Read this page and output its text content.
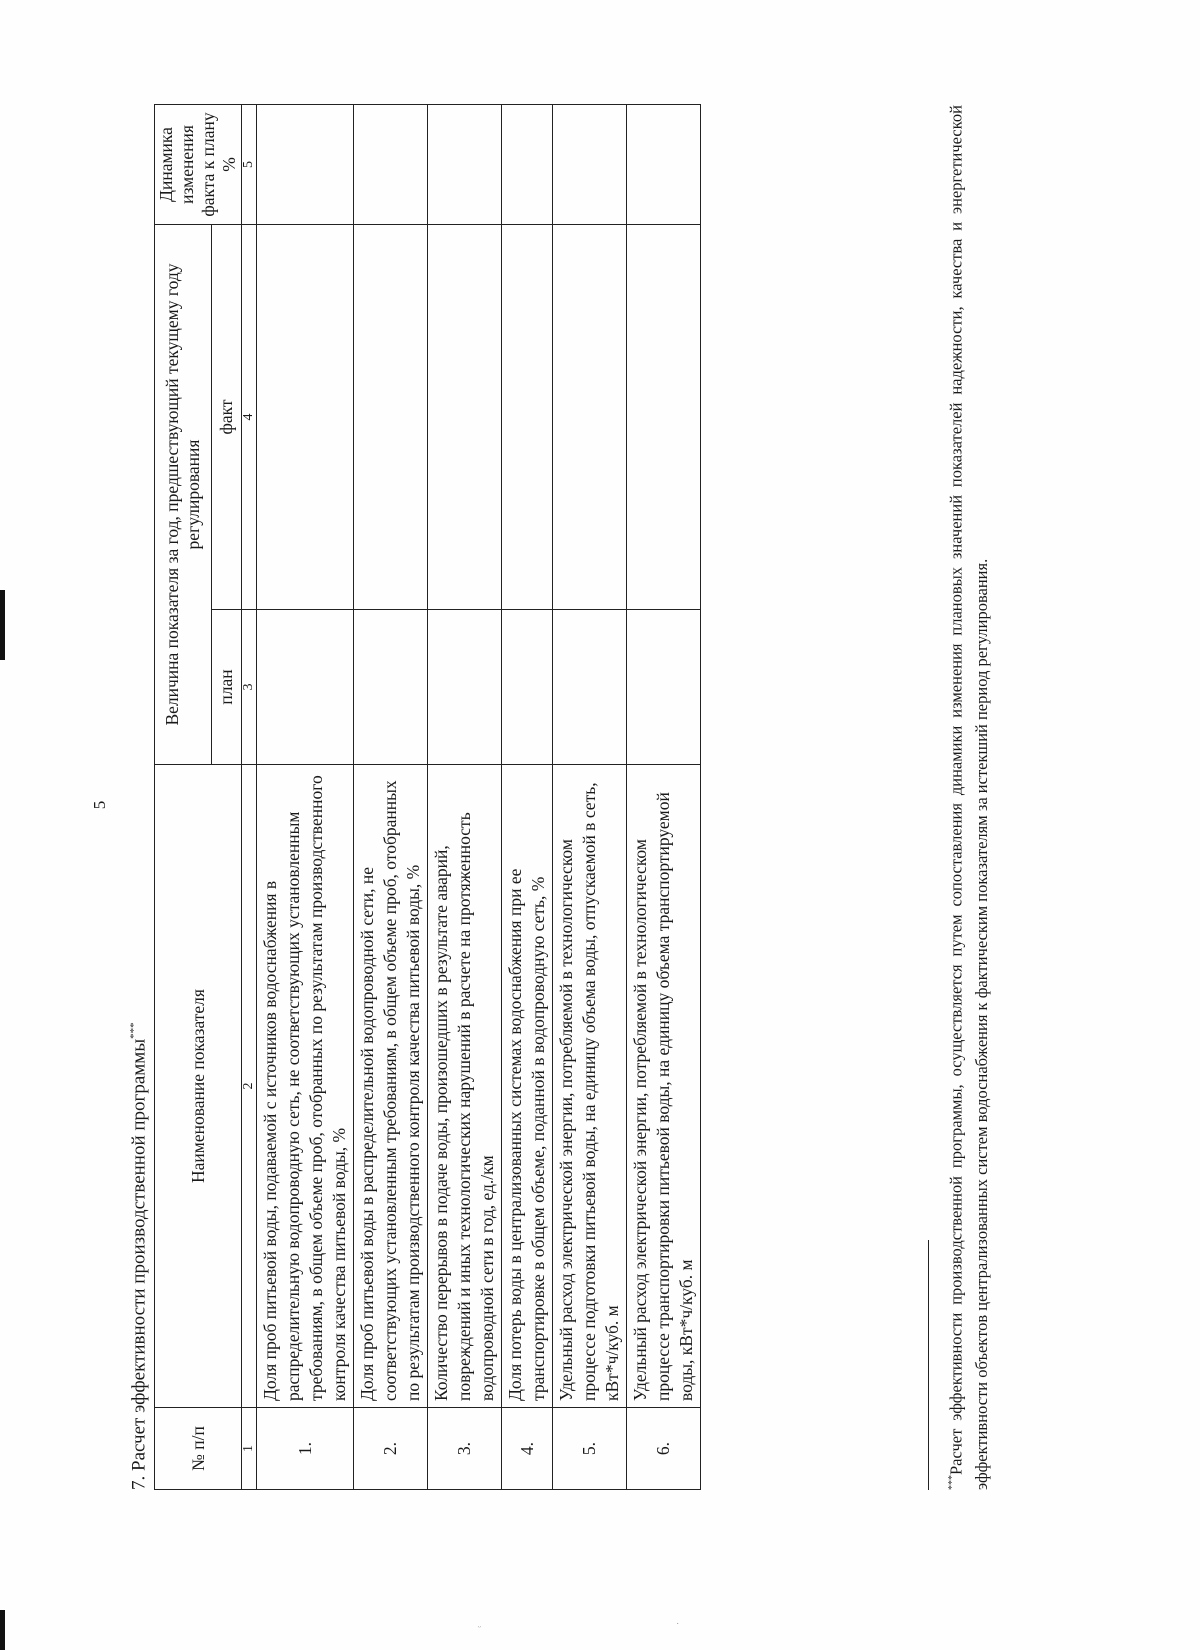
ᵕ	˙
5
7. Расчет эффективности производственной программы***
№ п/п	Наименование показателя	Величина показателя за год, предшествующий текущему году регулирования		Динамика изменения факта к плану %
		план	факт	
1	2	3	4	5
1.	Доля проб питьевой воды, подаваемой с источников водоснабжения в распределительную водопроводную сеть, не соответствующих установленным требованиям, в общем объеме проб, отобранных по результатам производственного контроля качества питьевой воды, %			
2.	Доля проб питьевой воды в распределительной водопроводной сети, не соответствующих установленным требованиям, в общем объеме проб, отобранных по результатам производственного контроля качества питьевой воды, %			
3.	Количество перерывов в подаче воды, произошедших в результате аварий, повреждений и иных технологических нарушений в расчете на протяженность водопроводной сети в год, ед./км			
4.	Доля потерь воды в централизованных системах водоснабжения при ее транспортировке в общем объеме, поданной в водопроводную сеть, %			
5.	Удельный расход электрической энергии, потребляемой в технологическом процессе подготовки питьевой воды, на единицу объема воды, отпускаемой в сеть, кВт*ч/куб. м			
6.	Удельный расход электрической энергии, потребляемой в технологическом процессе транспортировки питьевой воды, на единицу объема транспортируемой воды, кВт*ч/куб. м			
***Расчет эффективности производственной программы, осуществляется путем сопоставления динамики изменения плановых значений показателей надежности, качества и энергетической эффективности объектов централизованных систем водоснабжения к фактическим показателям за истекший период регулирования.
